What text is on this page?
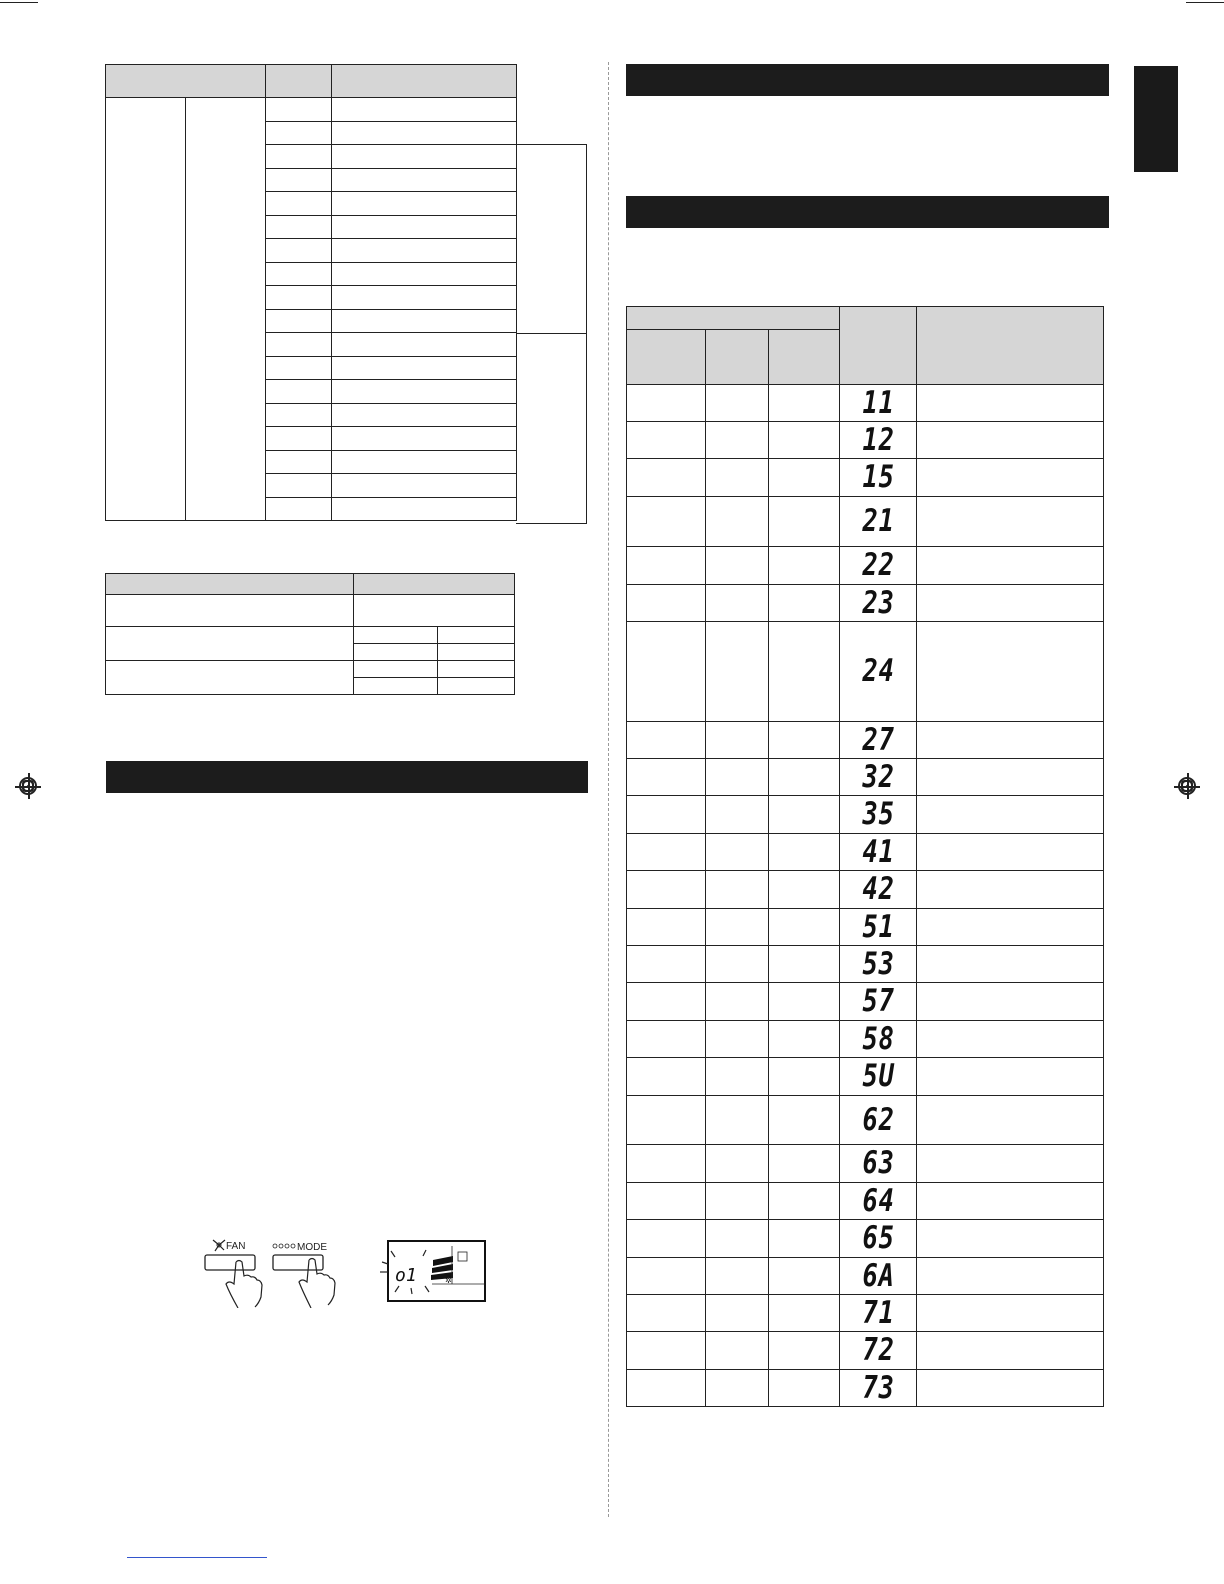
FAN	MODE
o1	✲

			11	
			12	
			15	
			21	
			22	
			23	
			24	
			27	
			32	
			35	
			41	
			42	
			51	
			53	
			57	
			58	
			5U	
			62	
			63	
			64	
			65	
			6A	
			71	
			72	
			73	
